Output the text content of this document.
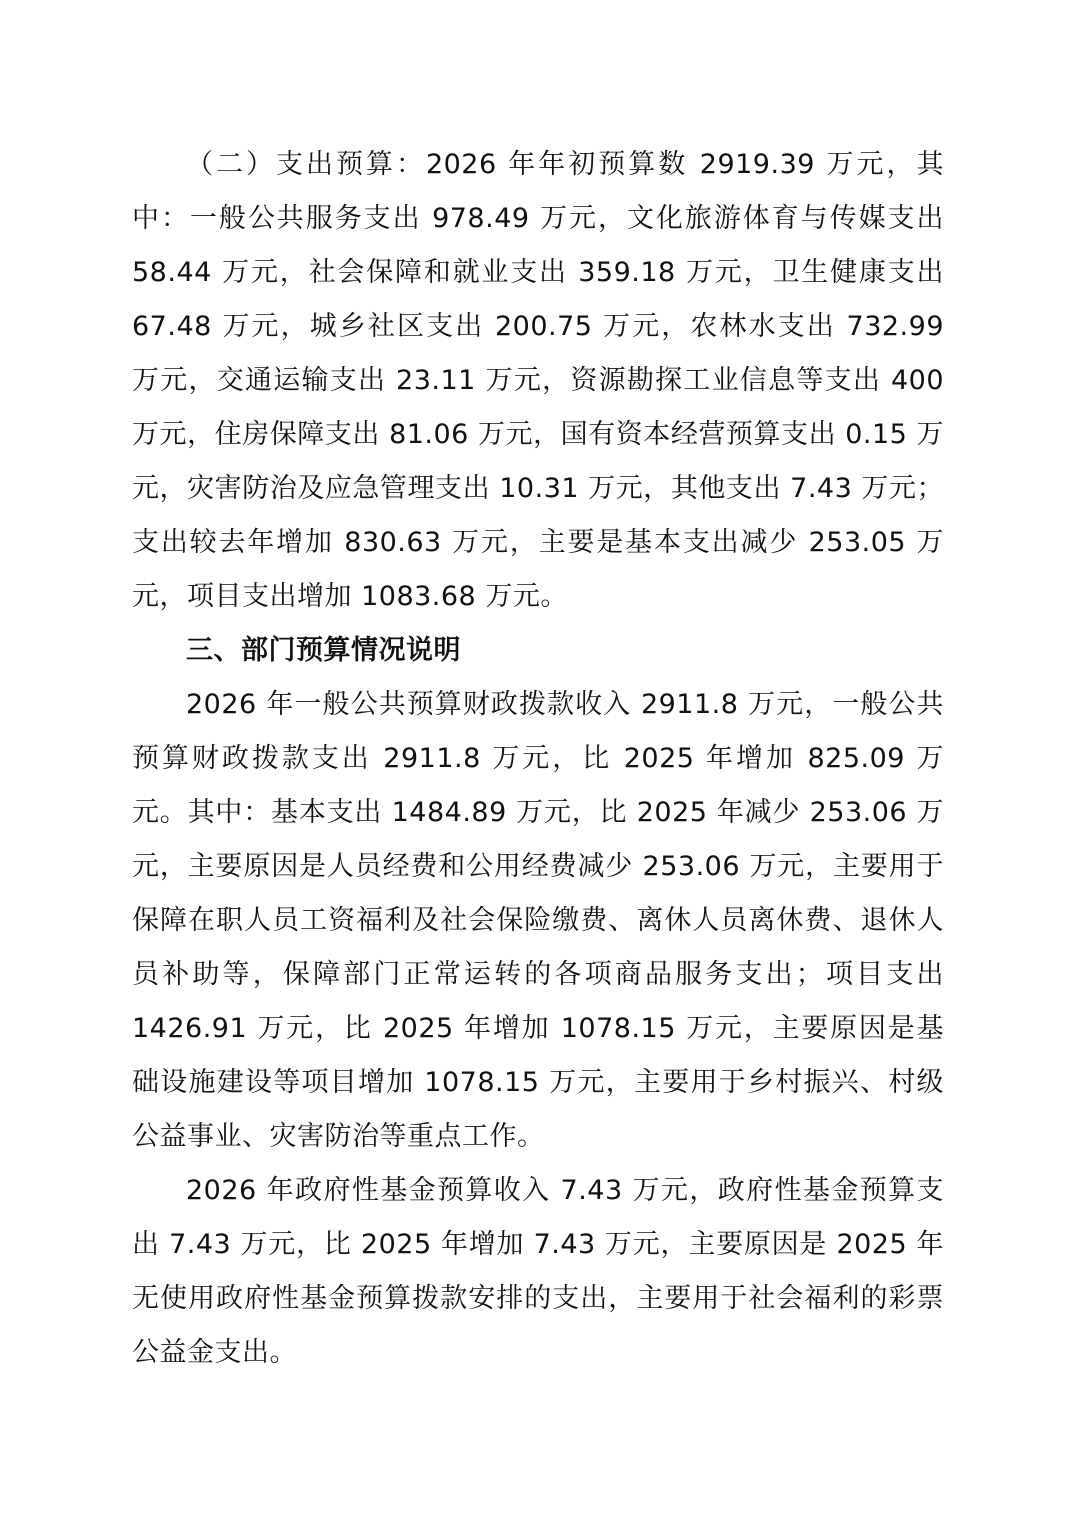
（二）支出预算：2026 年年初预算数 2919.39 万元，其中：一般公共服务支出 978.49 万元，文化旅游体育与传媒支出 58.44 万元，社会保障和就业支出 359.18 万元，卫生健康支出 67.48 万元，城乡社区支出 200.75 万元，农林水支出 732.99 万元，交通运输支出 23.11 万元，资源勘探工业信息等支出 400 万元，住房保障支出 81.06 万元，国有资本经营预算支出 0.15 万元，灾害防治及应急管理支出 10.31 万元，其他支出 7.43 万元；支出较去年增加 830.63 万元，主要是基本支出减少 253.05 万元，项目支出增加 1083.68 万元。

三、部门预算情况说明

2026 年一般公共预算财政拨款收入 2911.8 万元，一般公共预算财政拨款支出 2911.8 万元，比 2025 年增加 825.09 万元。其中：基本支出 1484.89 万元，比 2025 年减少 253.06 万元，主要原因是人员经费和公用经费减少 253.06 万元，主要用于保障在职人员工资福利及社会保险缴费、离休人员离休费、退休人员补助等，保障部门正常运转的各项商品服务支出；项目支出 1426.91 万元，比 2025 年增加 1078.15 万元，主要原因是基础设施建设等项目增加 1078.15 万元，主要用于乡村振兴、村级公益事业、灾害防治等重点工作。

2026 年政府性基金预算收入 7.43 万元，政府性基金预算支出 7.43 万元，比 2025 年增加 7.43 万元，主要原因是 2025 年无使用政府性基金预算拨款安排的支出，主要用于社会福利的彩票公益金支出。
